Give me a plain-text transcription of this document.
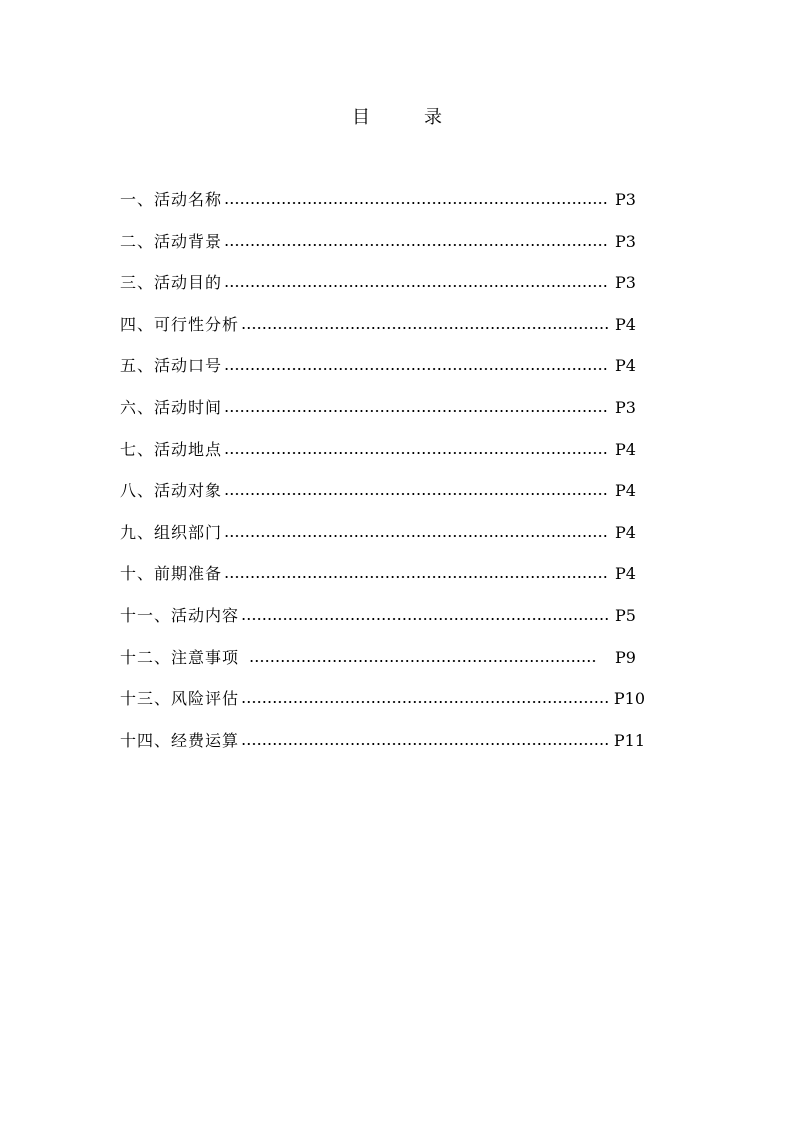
目　　　录
一、活动名称	P3
二、活动背景	P3
三、活动目的	P3
四、可行性分析	P4
五、活动口号	P4
六、活动时间	P3
七、活动地点	P4
八、活动对象	P4
九、组织部门	P4
十、前期准备	P4
十一、活动内容	P5
十二、注意事项	P9
十三、风险评估	P10
十四、经费运算	P11
